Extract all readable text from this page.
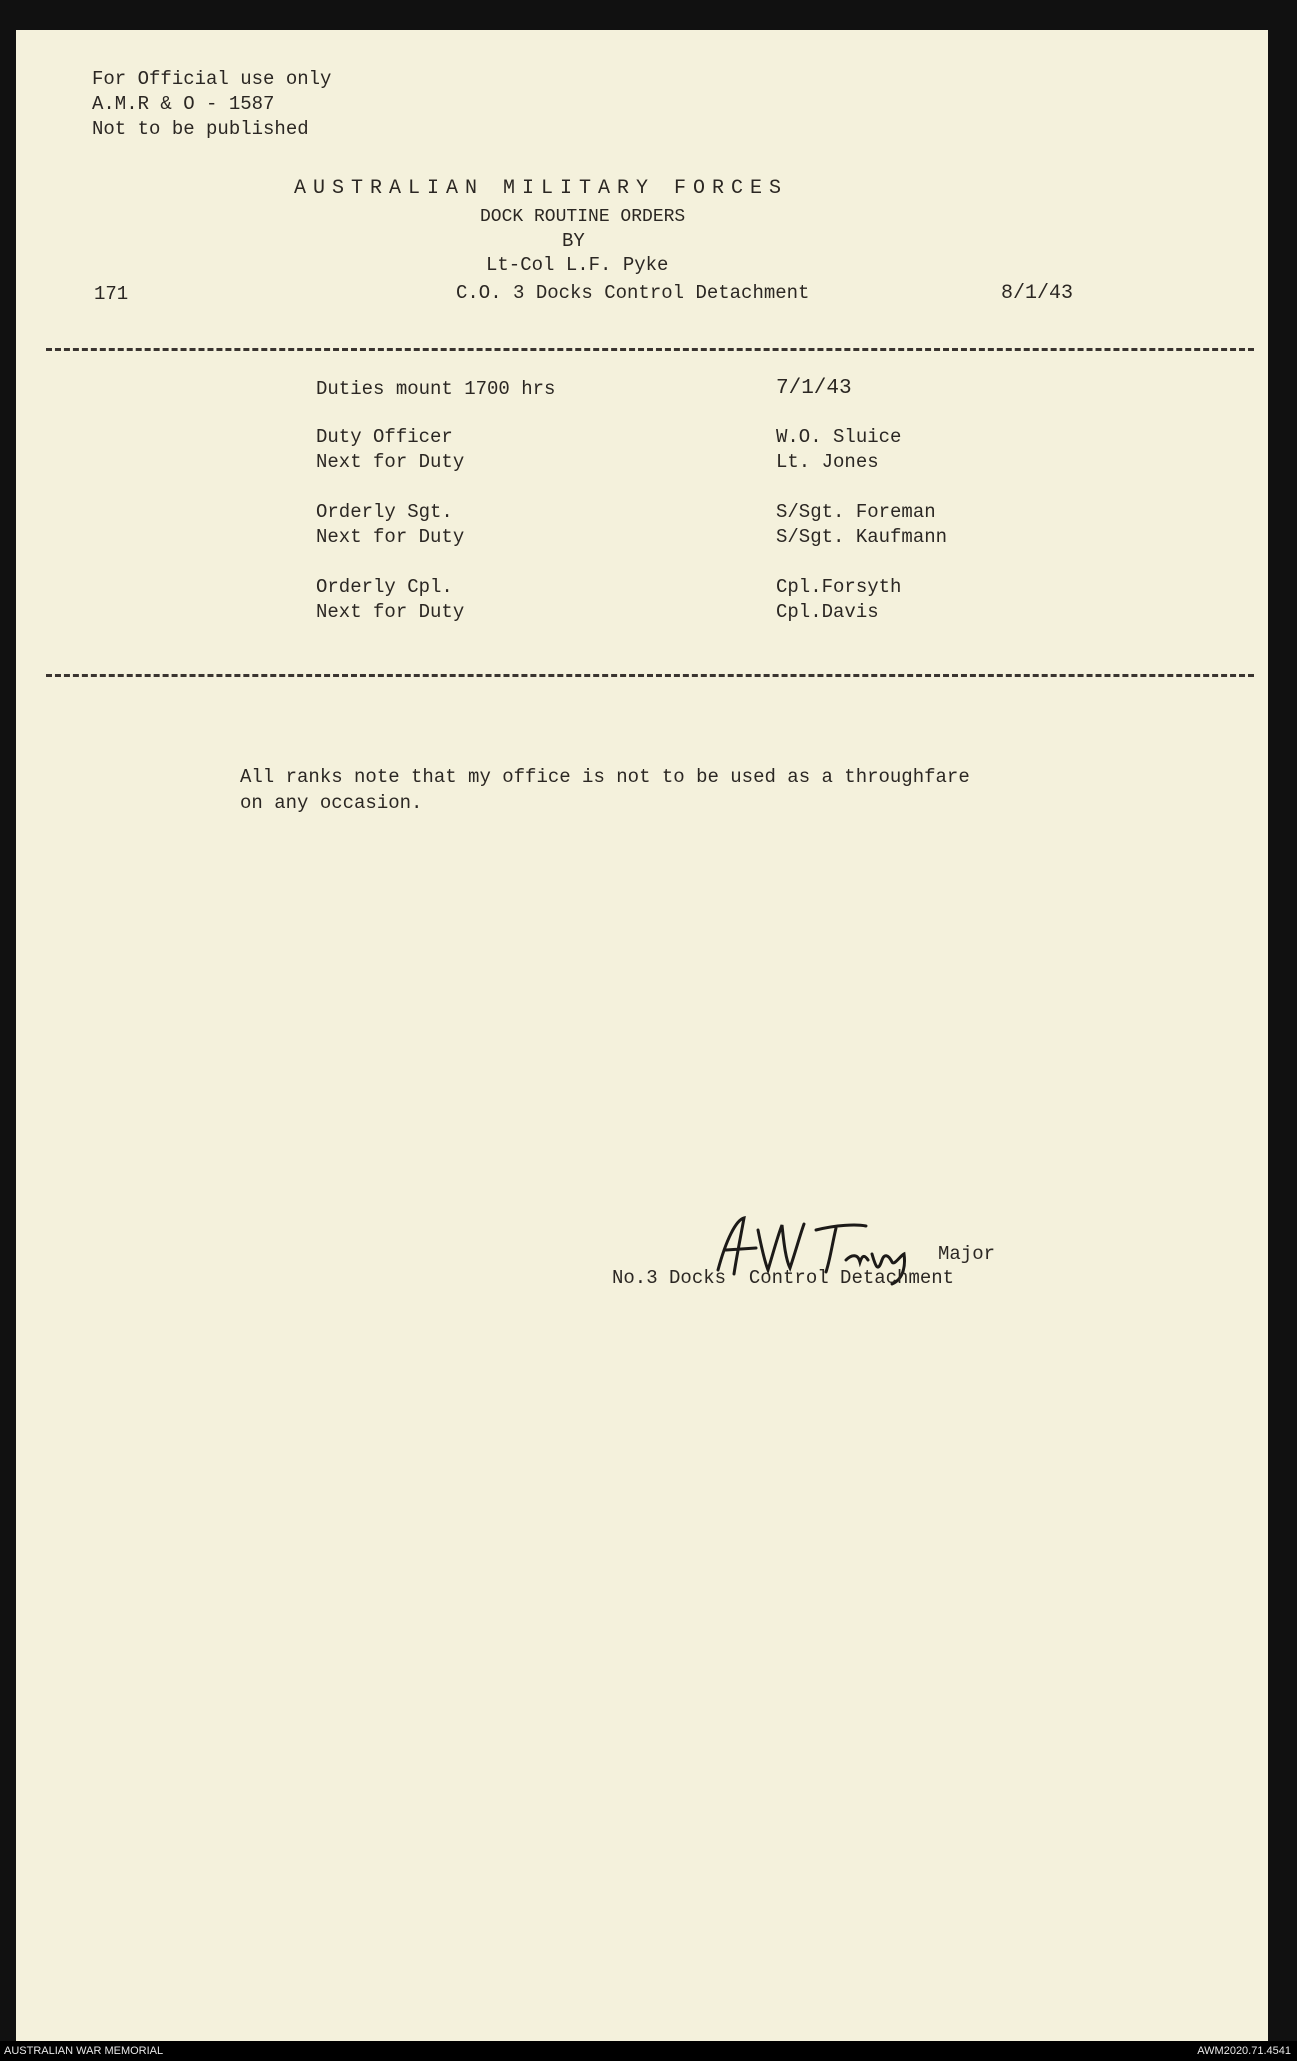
For Official use only
A.M.R & O - 1587
Not to be published
AUSTRALIAN MILITARY FORCES
DOCK ROUTINE ORDERS
BY
Lt-Col L.F. Pyke
171	C.O. 3 Docks Control Detachment	8/1/43
Duties mount 1700 hrs	7/1/43
Duty Officer	W.O. Sluice
Next for Duty	Lt. Jones
Orderly Sgt.	S/Sgt. Foreman
Next for Duty	S/Sgt. Kaufmann
Orderly Cpl.	Cpl.Forsyth
Next for Duty	Cpl.Davis
All ranks note that my office is not to be used as a throughfare
on any occasion.
Major
No.3 Docks  Control Detachment
AUSTRALIAN WAR MEMORIAL	AWM2020.71.4541
